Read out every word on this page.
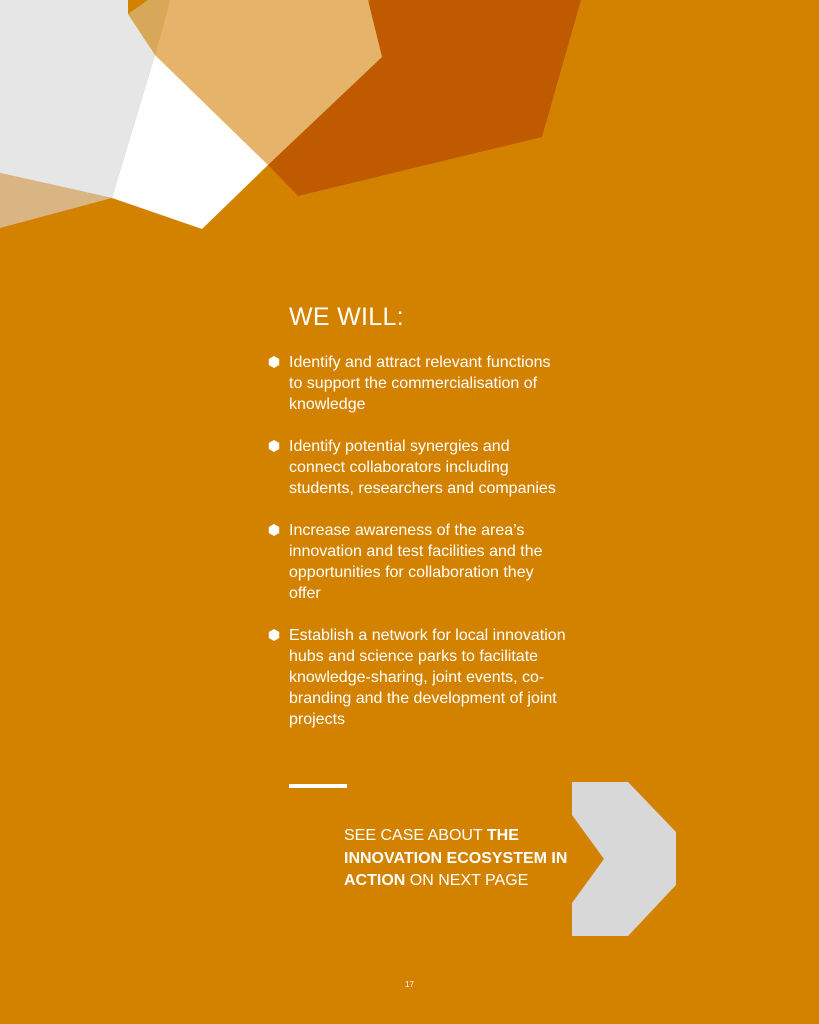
WE WILL:
Identify and attract relevant functions to support the commercialisation of knowledge
Identify potential synergies and connect collaborators including students, researchers and companies
Increase awareness of the area’s innovation and test facilities and the opportunities for collaboration they offer
Establish a network for local innovation hubs and science parks to facilitate knowledge-sharing, joint events, co-branding and the development of joint projects

SEE CASE ABOUT THE INNOVATION ECOSYSTEM IN ACTION ON NEXT PAGE

17
